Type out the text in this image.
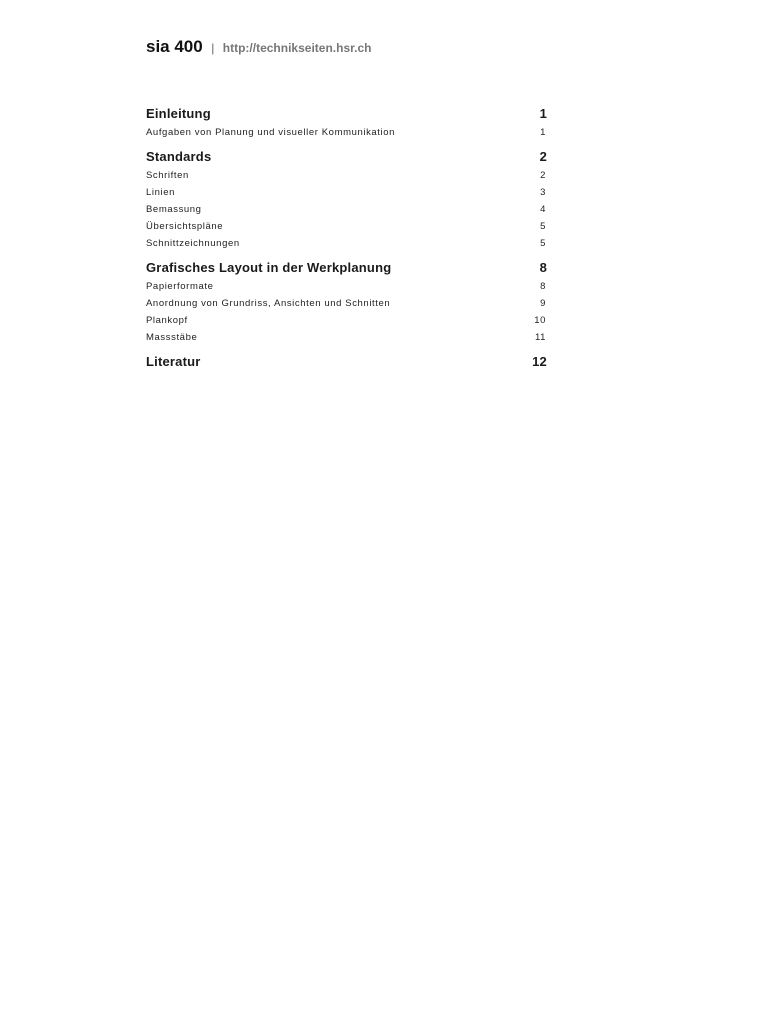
sia 400 | http://technikseiten.hsr.ch
Einleitung	1
Aufgaben von Planung und visueller Kommunikation	1
Standards	2
Schriften	2
Linien	3
Bemassung	4
Übersichtspläne	5
Schnittzeichnungen	5
Grafisches Layout in der Werkplanung	8
Papierformate	8
Anordnung von Grundriss, Ansichten und Schnitten	9
Plankopf	10
Massstäbe	11
Literatur	12
